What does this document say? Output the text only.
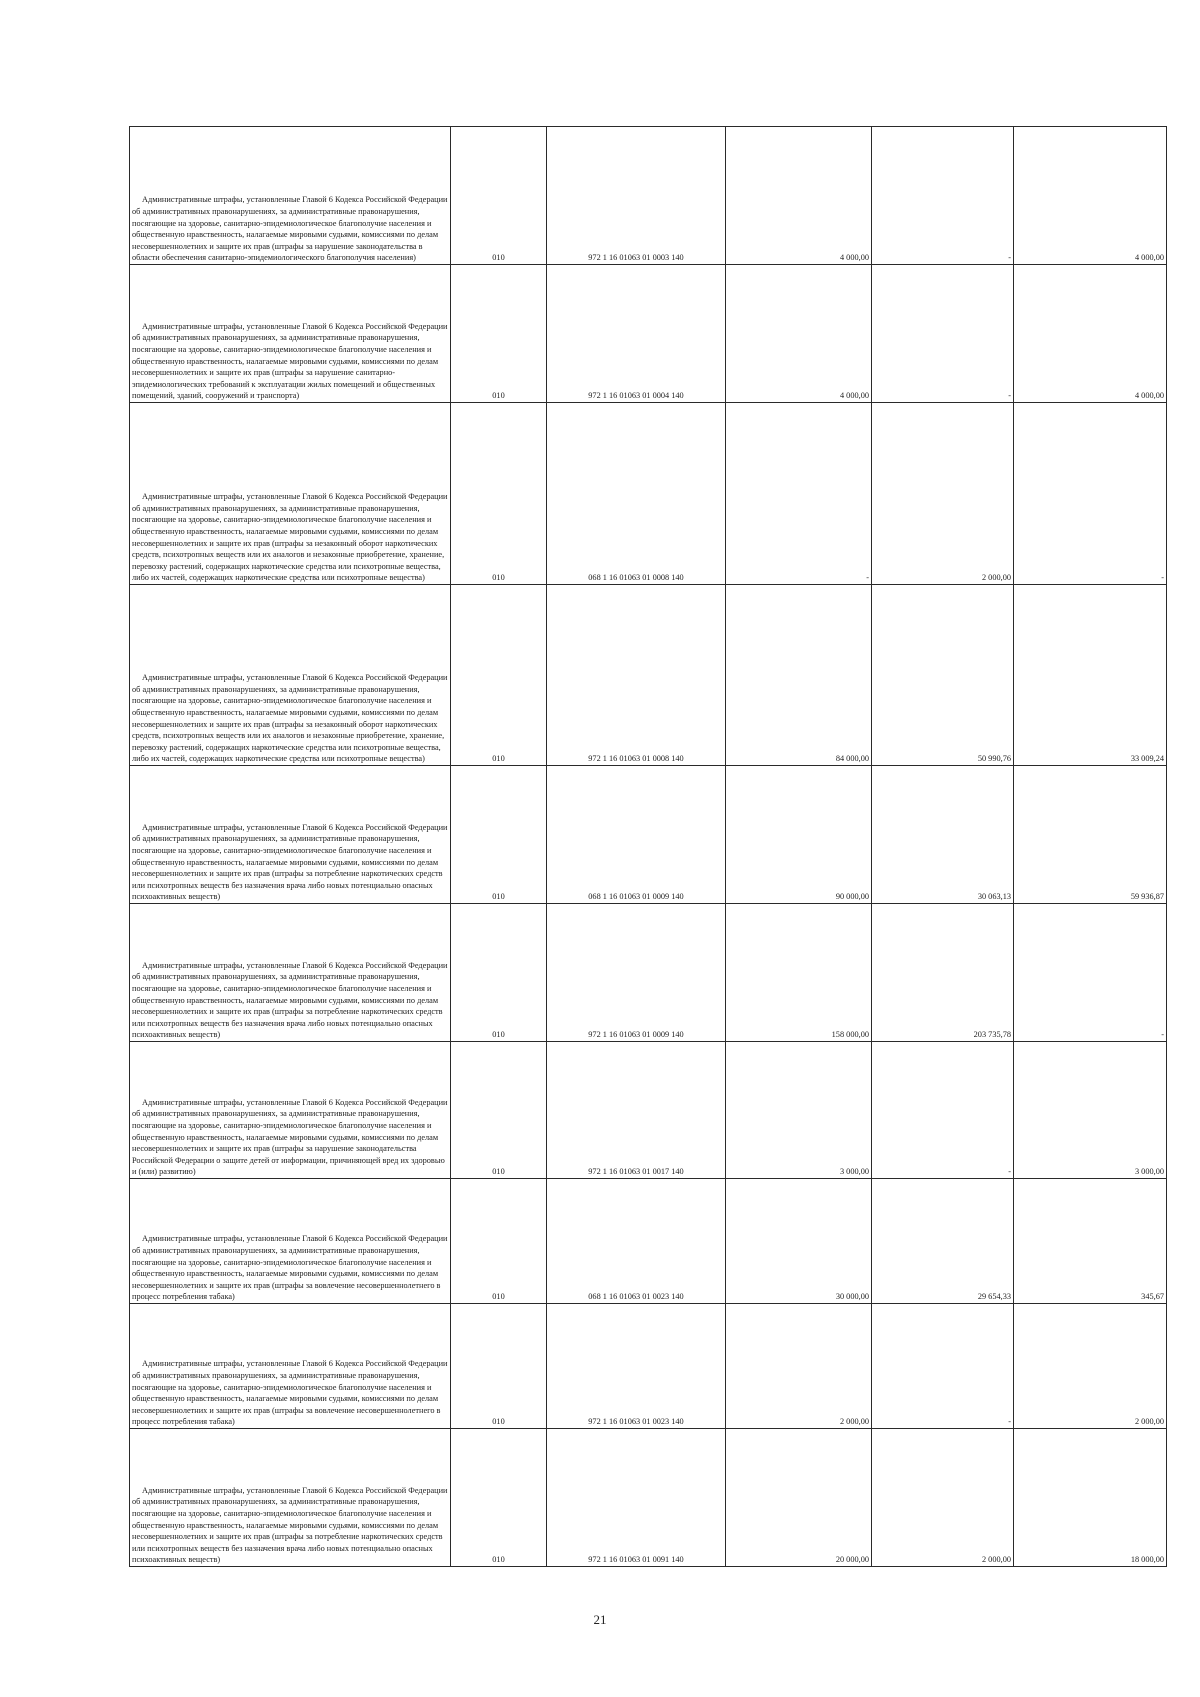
Административные штрафы, установленные Главой 6 Кодекса Российской Федерации об административных правонарушениях, за административные правонарушения, посягающие на здоровье, санитарно-эпидемиологическое благополучие населения и общественную нравственность, налагаемые мировыми судьями, комиссиями по делам несовершеннолетних и защите их прав (штрафы за нарушение законодательства в области обеспечения санитарно-эпидемиологического благополучия населения)	010	972 1 16 01063 01 0003 140	4 000,00	-	4 000,00

Административные штрафы, установленные Главой 6 Кодекса Российской Федерации об административных правонарушениях, за административные правонарушения, посягающие на здоровье, санитарно-эпидемиологическое благополучие населения и общественную нравственность, налагаемые мировыми судьями, комиссиями по делам несовершеннолетних и защите их прав (штрафы за нарушение санитарно-эпидемиологических требований к эксплуатации жилых помещений и общественных помещений, зданий, сооружений и транспорта)	010	972 1 16 01063 01 0004 140	4 000,00	-	4 000,00

Административные штрафы, установленные Главой 6 Кодекса Российской Федерации об административных правонарушениях, за административные правонарушения, посягающие на здоровье, санитарно-эпидемиологическое благополучие населения и общественную нравственность, налагаемые мировыми судьями, комиссиями по делам несовершеннолетних и защите их прав (штрафы за незаконный оборот наркотических средств, психотропных веществ или их аналогов и незаконные приобретение, хранение, перевозку растений, содержащих наркотические средства или психотропные вещества, либо их частей, содержащих наркотические средства или психотропные вещества)	010	068 1 16 01063 01 0008 140	-	2 000,00	-

Административные штрафы, установленные Главой 6 Кодекса Российской Федерации об административных правонарушениях, за административные правонарушения, посягающие на здоровье, санитарно-эпидемиологическое благополучие населения и общественную нравственность, налагаемые мировыми судьями, комиссиями по делам несовершеннолетних и защите их прав (штрафы за незаконный оборот наркотических средств, психотропных веществ или их аналогов и незаконные приобретение, хранение, перевозку растений, содержащих наркотические средства или психотропные вещества, либо их частей, содержащих наркотические средства или психотропные вещества)	010	972 1 16 01063 01 0008 140	84 000,00	50 990,76	33 009,24

Административные штрафы, установленные Главой 6 Кодекса Российской Федерации об административных правонарушениях, за административные правонарушения, посягающие на здоровье, санитарно-эпидемиологическое благополучие населения и общественную нравственность, налагаемые мировыми судьями, комиссиями по делам несовершеннолетних и защите их прав (штрафы за потребление наркотических средств или психотропных веществ без назначения врача либо новых потенциально опасных психоактивных веществ)	010	068 1 16 01063 01 0009 140	90 000,00	30 063,13	59 936,87

Административные штрафы, установленные Главой 6 Кодекса Российской Федерации об административных правонарушениях, за административные правонарушения, посягающие на здоровье, санитарно-эпидемиологическое благополучие населения и общественную нравственность, налагаемые мировыми судьями, комиссиями по делам несовершеннолетних и защите их прав (штрафы за потребление наркотических средств или психотропных веществ без назначения врача либо новых потенциально опасных психоактивных веществ)	010	972 1 16 01063 01 0009 140	158 000,00	203 735,78	-

Административные штрафы, установленные Главой 6 Кодекса Российской Федерации об административных правонарушениях, за административные правонарушения, посягающие на здоровье, санитарно-эпидемиологическое благополучие населения и общественную нравственность, налагаемые мировыми судьями, комиссиями по делам несовершеннолетних и защите их прав (штрафы за нарушение законодательства Российской Федерации о защите детей от информации, причиняющей вред их здоровью и (или) развитию)	010	972 1 16 01063 01 0017 140	3 000,00	-	3 000,00

Административные штрафы, установленные Главой 6 Кодекса Российской Федерации об административных правонарушениях, за административные правонарушения, посягающие на здоровье, санитарно-эпидемиологическое благополучие населения и общественную нравственность, налагаемые мировыми судьями, комиссиями по делам несовершеннолетних и защите их прав (штрафы за вовлечение несовершеннолетнего в процесс потребления табака)	010	068 1 16 01063 01 0023 140	30 000,00	29 654,33	345,67

Административные штрафы, установленные Главой 6 Кодекса Российской Федерации об административных правонарушениях, за административные правонарушения, посягающие на здоровье, санитарно-эпидемиологическое благополучие населения и общественную нравственность, налагаемые мировыми судьями, комиссиями по делам несовершеннолетних и защите их прав (штрафы за вовлечение несовершеннолетнего в процесс потребления табака)	010	972 1 16 01063 01 0023 140	2 000,00	-	2 000,00

Административные штрафы, установленные Главой 6 Кодекса Российской Федерации об административных правонарушениях, за административные правонарушения, посягающие на здоровье, санитарно-эпидемиологическое благополучие населения и общественную нравственность, налагаемые мировыми судьями, комиссиями по делам несовершеннолетних и защите их прав (штрафы за потребление наркотических средств или психотропных веществ без назначения врача либо новых потенциально опасных психоактивных веществ)	010	972 1 16 01063 01 0091 140	20 000,00	2 000,00	18 000,00
21
